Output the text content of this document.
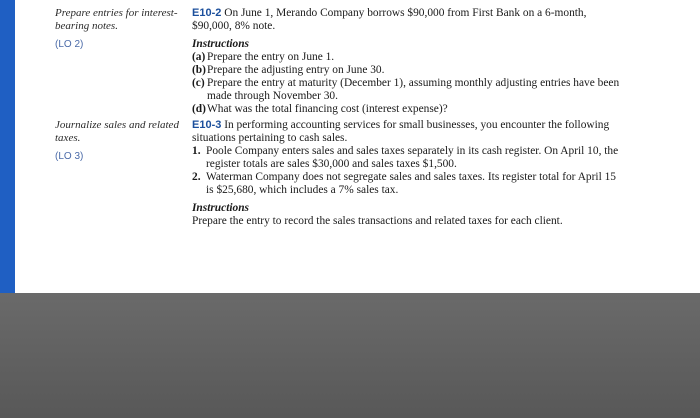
Prepare entries for interest-bearing notes.
(LO 2)
Journalize sales and related taxes.
(LO 3)

E10-2 On June 1, Merando Company borrows $90,000 from First Bank on a 6-month, $90,000, 8% note.

Instructions

(a) Prepare the entry on June 1.
(b) Prepare the adjusting entry on June 30.
(c) Prepare the entry at maturity (December 1), assuming monthly adjusting entries have been made through November 30.
(d) What was the total financing cost (interest expense)?

E10-3 In performing accounting services for small businesses, you encounter the following situations pertaining to cash sales.

1. Poole Company enters sales and sales taxes separately in its cash register. On April 10, the register totals are sales $30,000 and sales taxes $1,500.
2. Waterman Company does not segregate sales and sales taxes. Its register total for April 15 is $25,680, which includes a 7% sales tax.

Instructions

Prepare the entry to record the sales transactions and related taxes for each client.
